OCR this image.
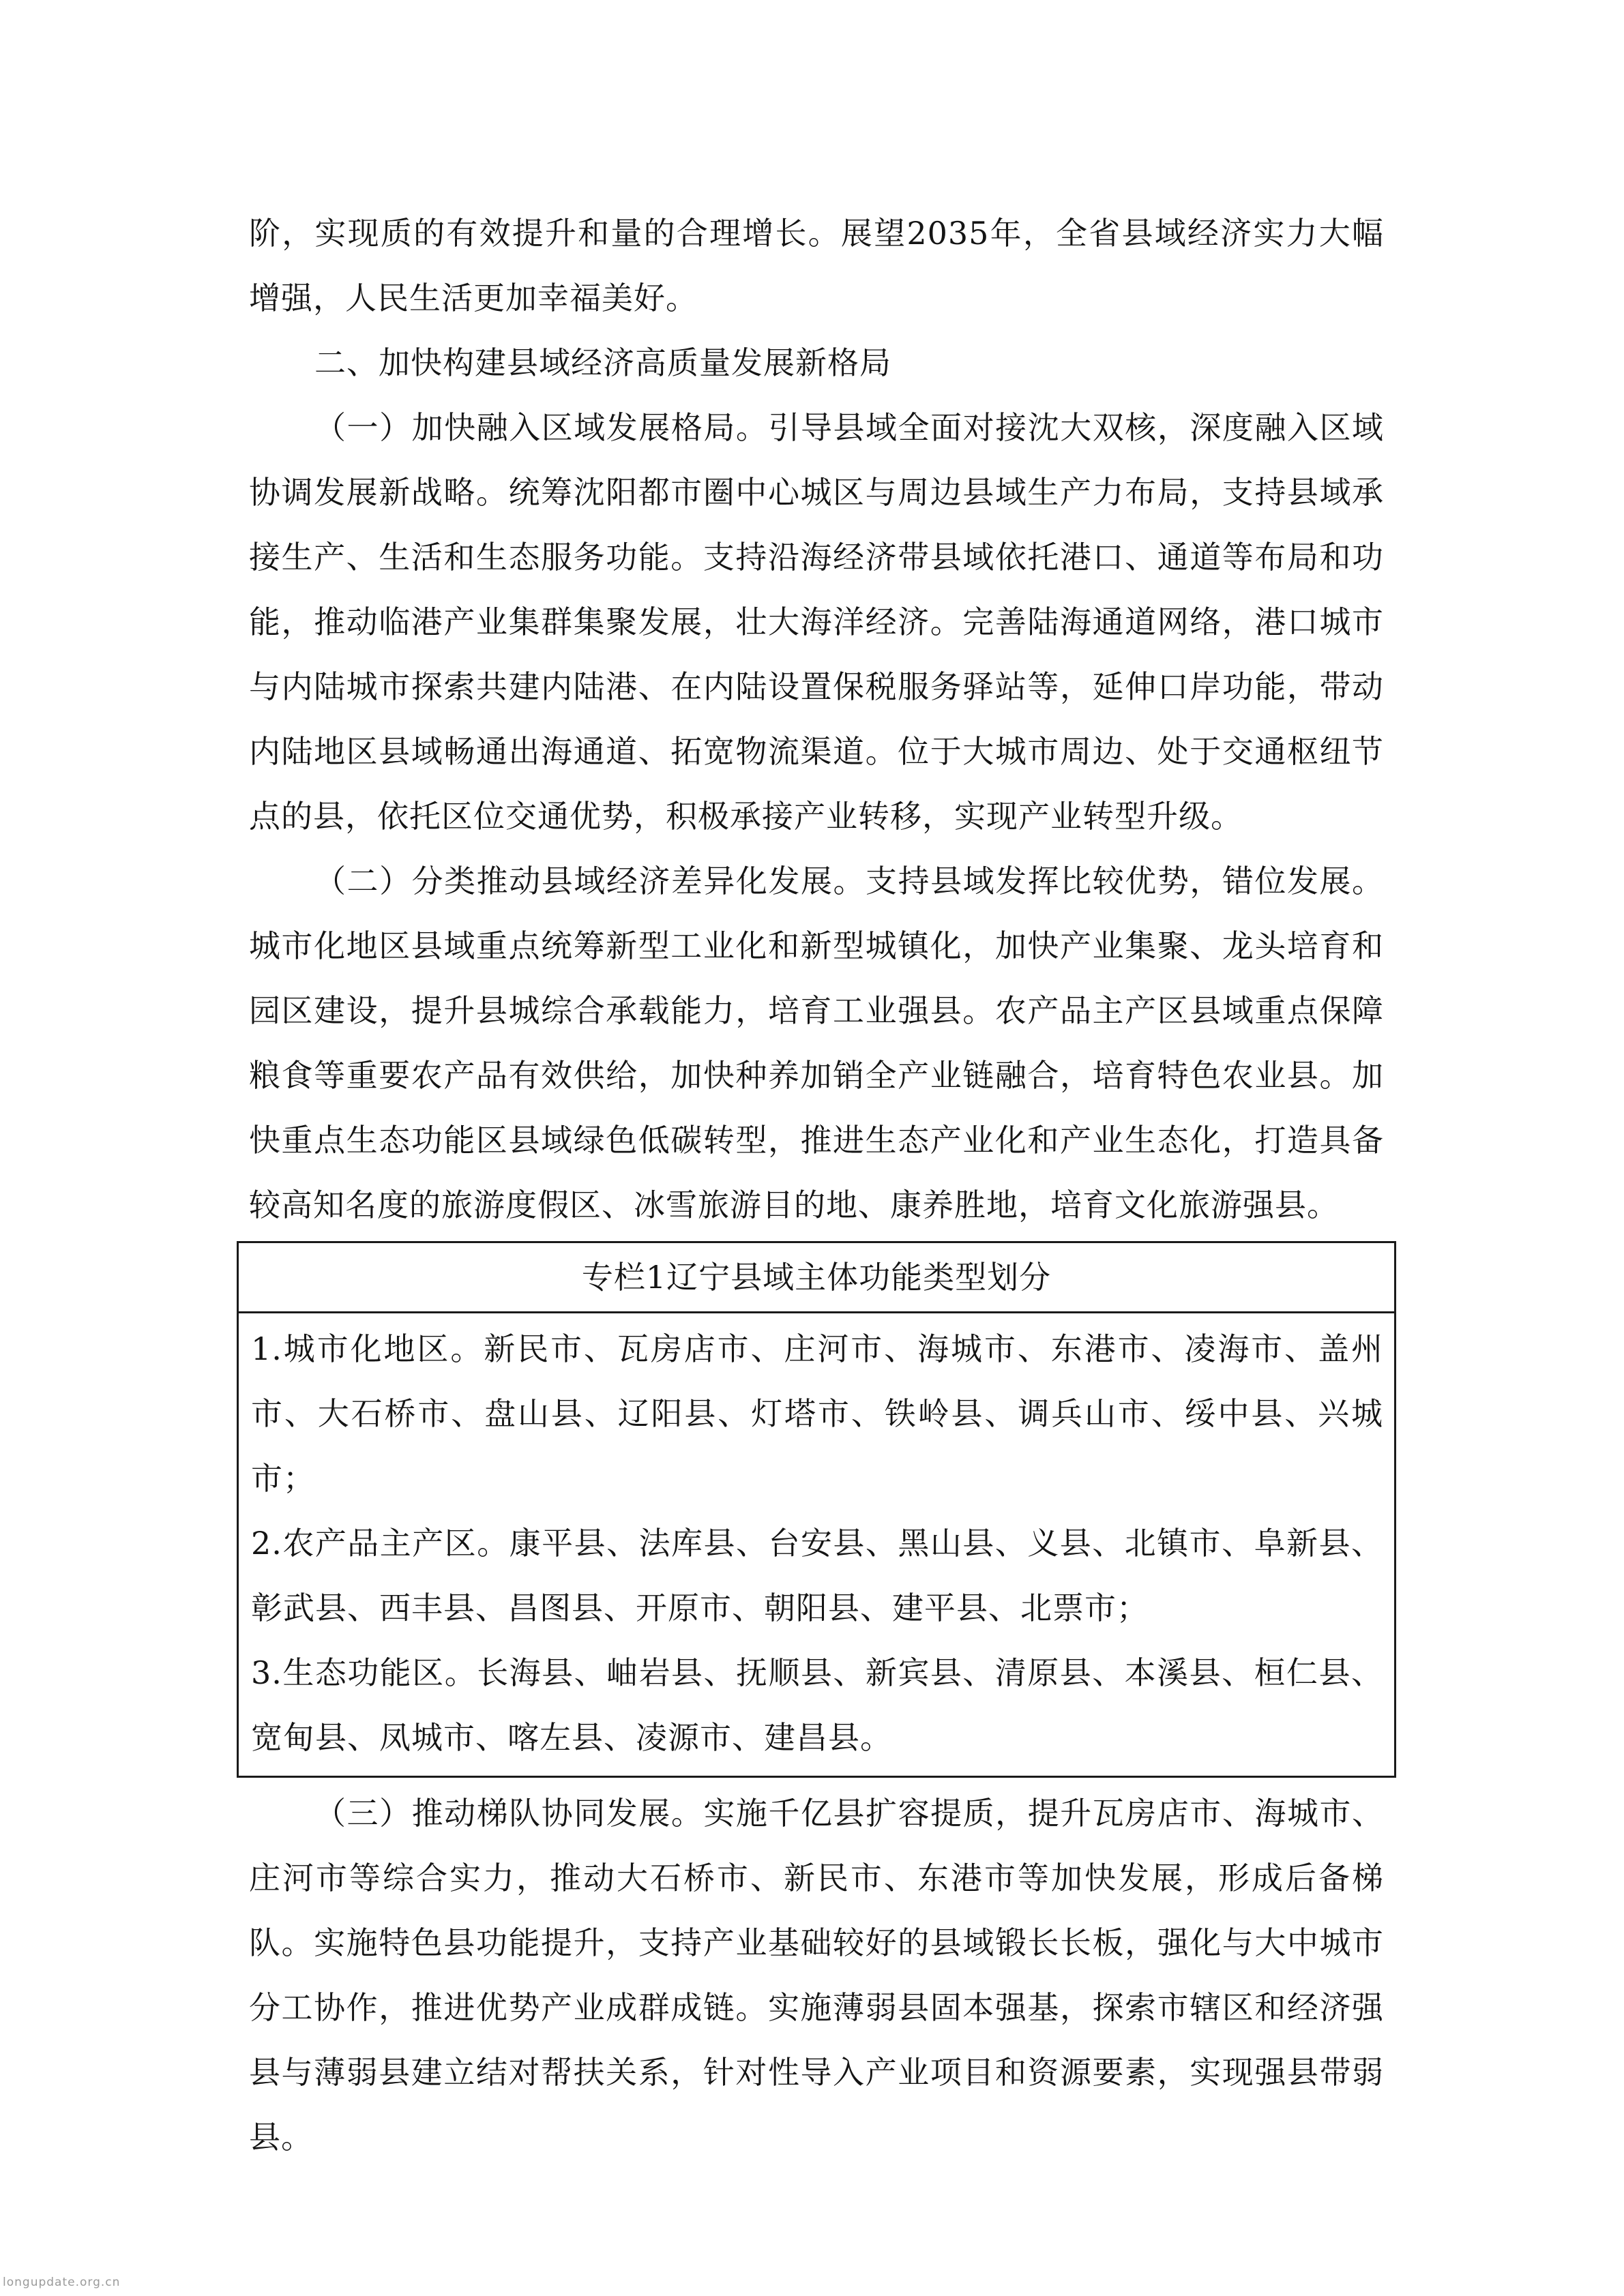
阶，实现质的有效提升和量的合理增长。展望2035年，全省县域经济实力大幅增强，人民生活更加幸福美好。

二、加快构建县域经济高质量发展新格局

（一）加快融入区域发展格局。引导县域全面对接沈大双核，深度融入区域协调发展新战略。统筹沈阳都市圈中心城区与周边县域生产力布局，支持县域承接生产、生活和生态服务功能。支持沿海经济带县域依托港口、通道等布局和功能，推动临港产业集群集聚发展，壮大海洋经济。完善陆海通道网络，港口城市与内陆城市探索共建内陆港、在内陆设置保税服务驿站等，延伸口岸功能，带动内陆地区县域畅通出海通道、拓宽物流渠道。位于大城市周边、处于交通枢纽节点的县，依托区位交通优势，积极承接产业转移，实现产业转型升级。

（二）分类推动县域经济差异化发展。支持县域发挥比较优势，错位发展。城市化地区县域重点统筹新型工业化和新型城镇化，加快产业集聚、龙头培育和园区建设，提升县城综合承载能力，培育工业强县。农产品主产区县域重点保障粮食等重要农产品有效供给，加快种养加销全产业链融合，培育特色农业县。加快重点生态功能区县域绿色低碳转型，推进生态产业化和产业生态化，打造具备较高知名度的旅游度假区、冰雪旅游目的地、康养胜地，培育文化旅游强县。

专栏1辽宁县域主体功能类型划分

1.城市化地区。新民市、瓦房店市、庄河市、海城市、东港市、凌海市、盖州市、大石桥市、盘山县、辽阳县、灯塔市、铁岭县、调兵山市、绥中县、兴城市；

2.农产品主产区。康平县、法库县、台安县、黑山县、义县、北镇市、阜新县、彰武县、西丰县、昌图县、开原市、朝阳县、建平县、北票市；

3.生态功能区。长海县、岫岩县、抚顺县、新宾县、清原县、本溪县、桓仁县、宽甸县、凤城市、喀左县、凌源市、建昌县。

（三）推动梯队协同发展。实施千亿县扩容提质，提升瓦房店市、海城市、庄河市等综合实力，推动大石桥市、新民市、东港市等加快发展，形成后备梯队。实施特色县功能提升，支持产业基础较好的县域锻长长板，强化与大中城市分工协作，推进优势产业成群成链。实施薄弱县固本强基，探索市辖区和经济强县与薄弱县建立结对帮扶关系，针对性导入产业项目和资源要素，实现强县带弱县。

longupdate.org.cn
